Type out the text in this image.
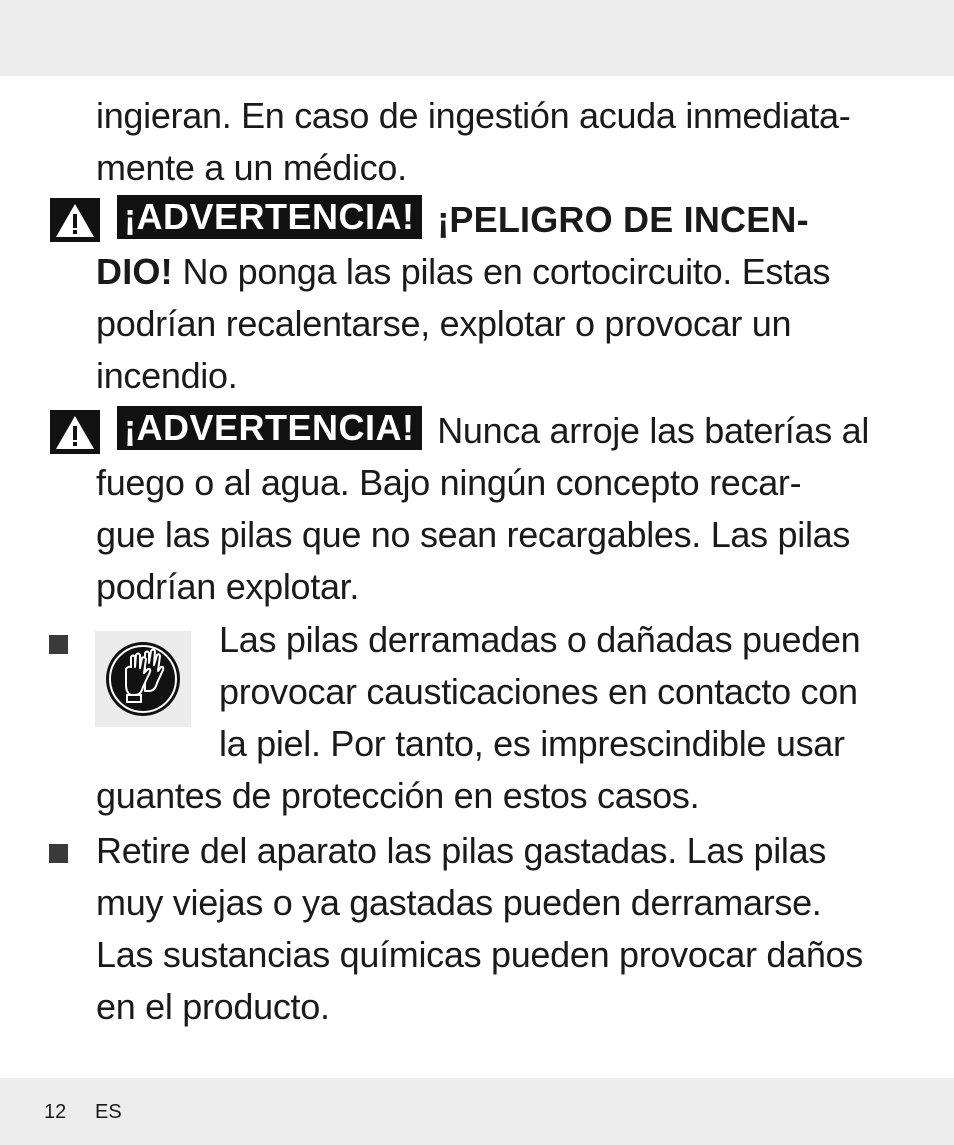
ingieran. En caso de ingestión acuda inmediata-
mente a un médico.
¡ADVERTENCIA! ¡PELIGRO DE INCEN-
DIO! No ponga las pilas en cortocircuito. Estas
podrían recalentarse, explotar o provocar un
incendio.
¡ADVERTENCIA! Nunca arroje las baterías al
fuego o al agua. Bajo ningún concepto recar-
gue las pilas que no sean recargables. Las pilas
podrían explotar.
Las pilas derramadas o dañadas pueden
provocar causticaciones en contacto con
la piel. Por tanto, es imprescindible usar
guantes de protección en estos casos.
Retire del aparato las pilas gastadas. Las pilas
muy viejas o ya gastadas pueden derramarse.
Las sustancias químicas pueden provocar daños
en el producto.
12 ES
